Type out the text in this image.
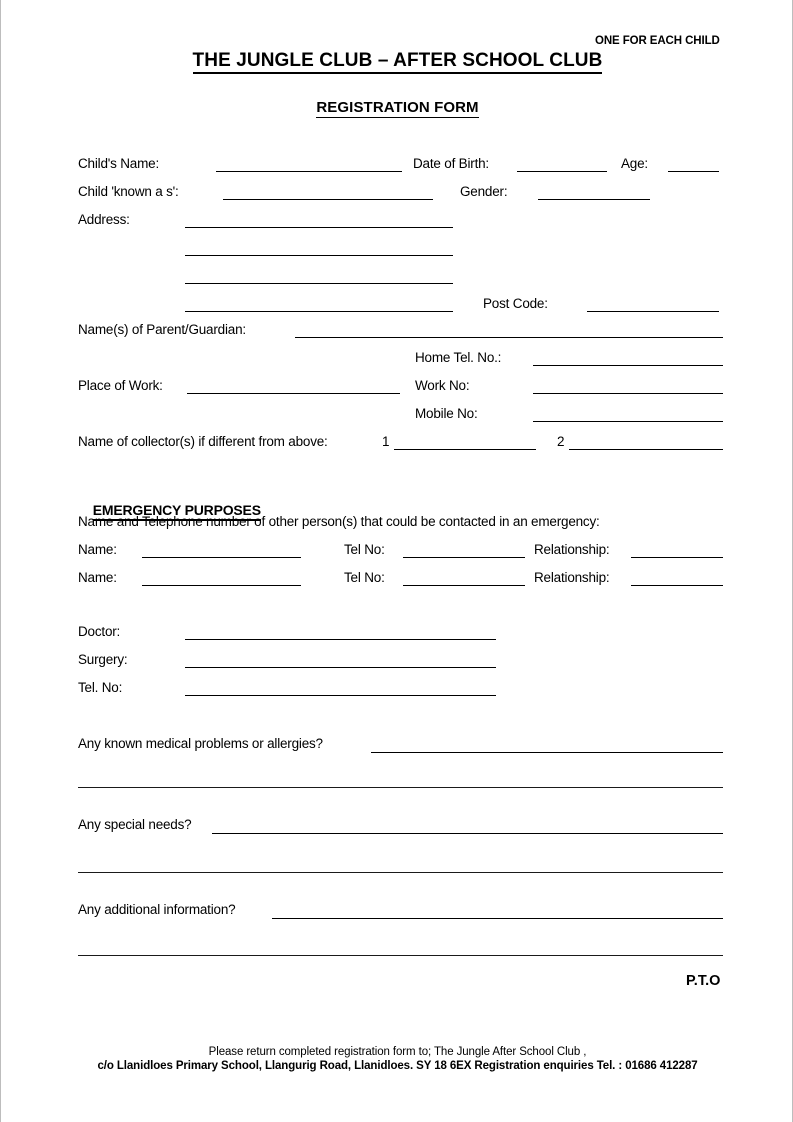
ONE FOR EACH CHILD
THE JUNGLE CLUB – AFTER SCHOOL CLUB
REGISTRATION FORM
Child's Name:	Date of Birth:	Age:
Child 'known a s':	Gender:
Address:
Post Code:
Name(s) of Parent/Guardian:
Home Tel. No.:
Place of Work:	Work No:
Mobile No:
Name of collector(s) if different from above:	1	2

EMERGENCY PURPOSES

Name and Telephone number of other person(s) that could be contacted in an emergency:
Name:	Tel No:	Relationship:
Name:	Tel No:	Relationship:
Doctor:
Surgery:
Tel. No:
Any known medical problems or allergies?
Any special needs?
Any additional information?
P.T.O
Please return completed registration form to; The Jungle After School Club ,
c/o Llanidloes Primary School, Llangurig Road, Llanidloes. SY 18 6EX Registration enquiries Tel. : 01686 412287
